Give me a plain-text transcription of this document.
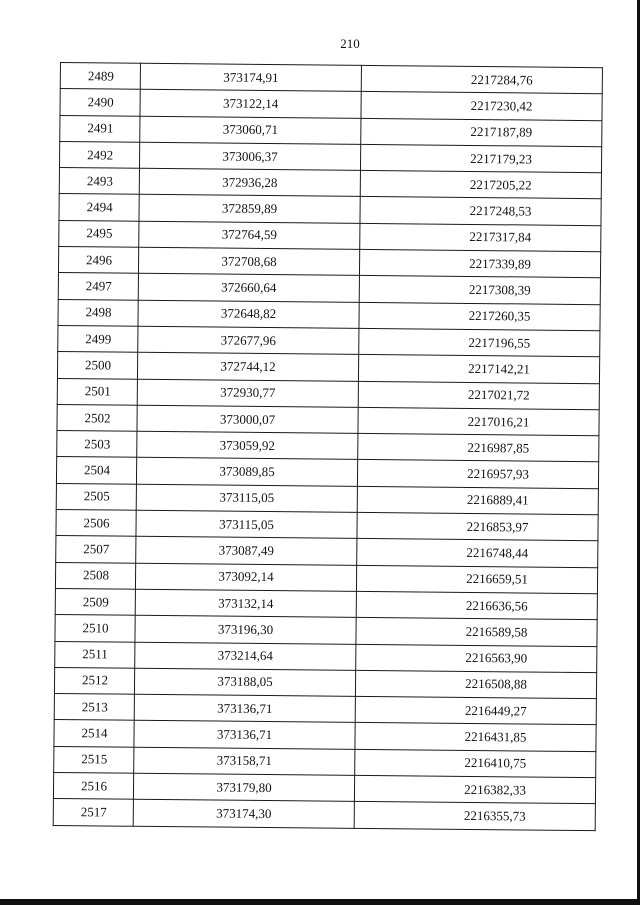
210
2489	373174,91	2217284,76
2490	373122,14	2217230,42
2491	373060,71	2217187,89
2492	373006,37	2217179,23
2493	372936,28	2217205,22
2494	372859,89	2217248,53
2495	372764,59	2217317,84
2496	372708,68	2217339,89
2497	372660,64	2217308,39
2498	372648,82	2217260,35
2499	372677,96	2217196,55
2500	372744,12	2217142,21
2501	372930,77	2217021,72
2502	373000,07	2217016,21
2503	373059,92	2216987,85
2504	373089,85	2216957,93
2505	373115,05	2216889,41
2506	373115,05	2216853,97
2507	373087,49	2216748,44
2508	373092,14	2216659,51
2509	373132,14	2216636,56
2510	373196,30	2216589,58
2511	373214,64	2216563,90
2512	373188,05	2216508,88
2513	373136,71	2216449,27
2514	373136,71	2216431,85
2515	373158,71	2216410,75
2516	373179,80	2216382,33
2517	373174,30	2216355,73
